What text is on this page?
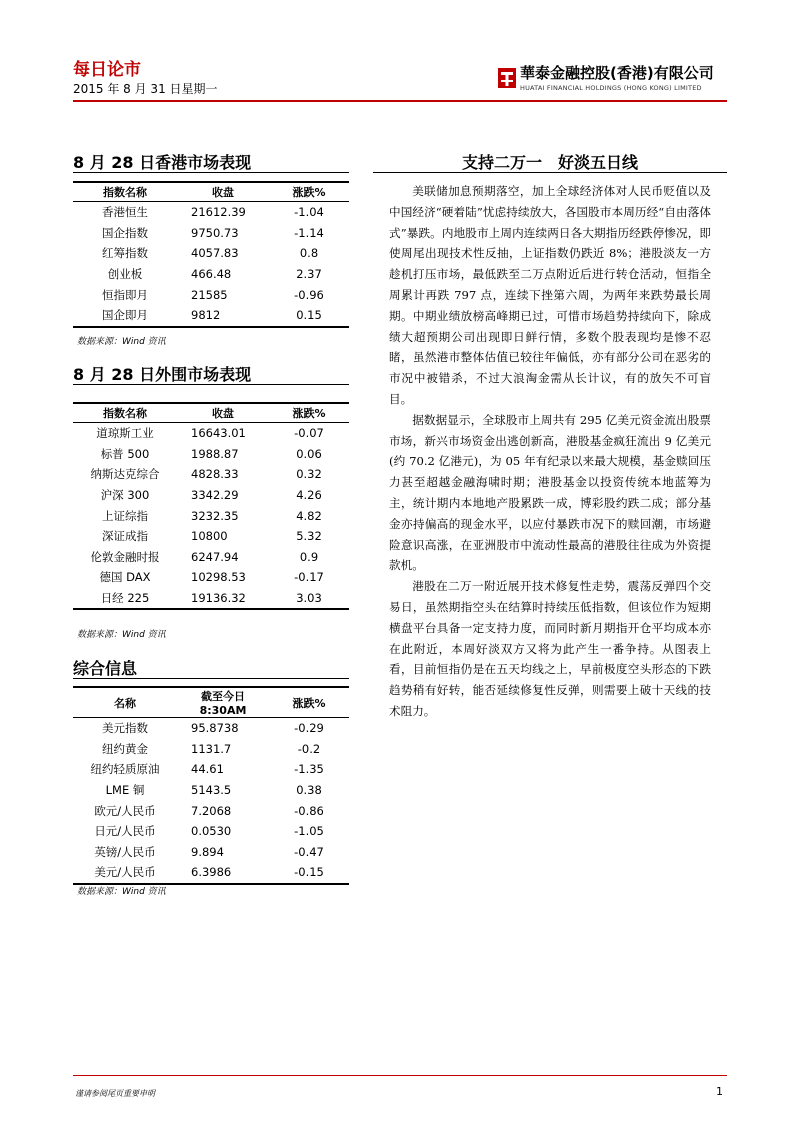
每日论市
2015 年 8 月 31 日星期一
華泰金融控股(香港)有限公司
HUATAI FINANCIAL HOLDINGS (HONG KONG) LIMITED
8 月 28 日香港市场表现
指数名称	收盘	涨跌%
香港恒生	21612.39	-1.04
国企指数	9750.73	-1.14
红筹指数	4057.83	0.8
创业板	466.48	2.37
恒指即月	21585	-0.96
国企即月	9812	0.15
数据来源：Wind 资讯
8 月 28 日外围市场表现
指数名称	收盘	涨跌%
道琼斯工业	16643.01	-0.07
标普 500	1988.87	0.06
纳斯达克综合	4828.33	0.32
沪深 300	3342.29	4.26
上证综指	3232.35	4.82
深证成指	10800	5.32
伦敦金融时报	6247.94	0.9
德国 DAX	10298.53	-0.17
日经 225	19136.32	3.03
数据来源：Wind 资讯
综合信息
名称	截至今日 8:30AM	涨跌%
美元指数	95.8738	-0.29
纽约黄金	1131.7	-0.2
纽约轻质原油	44.61	-1.35
LME 铜	5143.5	0.38
欧元/人民币	7.2068	-0.86
日元/人民币	0.0530	-1.05
英镑/人民币	9.894	-0.47
美元/人民币	6.3986	-0.15
数据来源：Wind 资讯
支持二万一　好淡五日线

美联储加息预期落空，加上全球经济体对人民币贬值以及中国经济“硬着陆”忧虑持续放大，各国股市本周历经“自由落体式”暴跌。内地股市上周内连续两日各大期指历经跌停惨况，即使周尾出现技术性反抽，上证指数仍跌近 8%；港股淡友一方趁机打压市场，最低跌至二万点附近后进行转仓活动，恒指全周累计再跌 797 点，连续下挫第六周，为两年来跌势最长周期。中期业绩放榜高峰期已过，可惜市场趋势持续向下，除成绩大超预期公司出现即日鲜行情，多数个股表现均是惨不忍睹，虽然港市整体估值已较往年偏低，亦有部分公司在恶劣的市况中被错杀，不过大浪淘金需从长计议，有的放矢不可盲目。

据数据显示，全球股市上周共有 295 亿美元资金流出股票市场，新兴市场资金出逃创新高，港股基金疯狂流出 9 亿美元(约 70.2 亿港元)，为 05 年有纪录以来最大规模，基金赎回压力甚至超越金融海啸时期；港股基金以投资传统本地蓝筹为主，统计期内本地地产股累跌一成，博彩股约跌二成；部分基金亦持偏高的现金水平，以应付暴跌市况下的赎回潮，市场避险意识高涨，在亚洲股市中流动性最高的港股往往成为外资提款机。

港股在二万一附近展开技术修复性走势，震荡反弹四个交易日，虽然期指空头在结算时持续压低指数，但该位作为短期横盘平台具备一定支持力度，而同时新月期指开仓平均成本亦在此附近，本周好淡双方又将为此产生一番争持。从图表上看，目前恒指仍是在五天均线之上，早前极度空头形态的下跌趋势稍有好转，能否延续修复性反弹，则需要上破十天线的技术阻力。

谨请参阅尾页重要申明	1
